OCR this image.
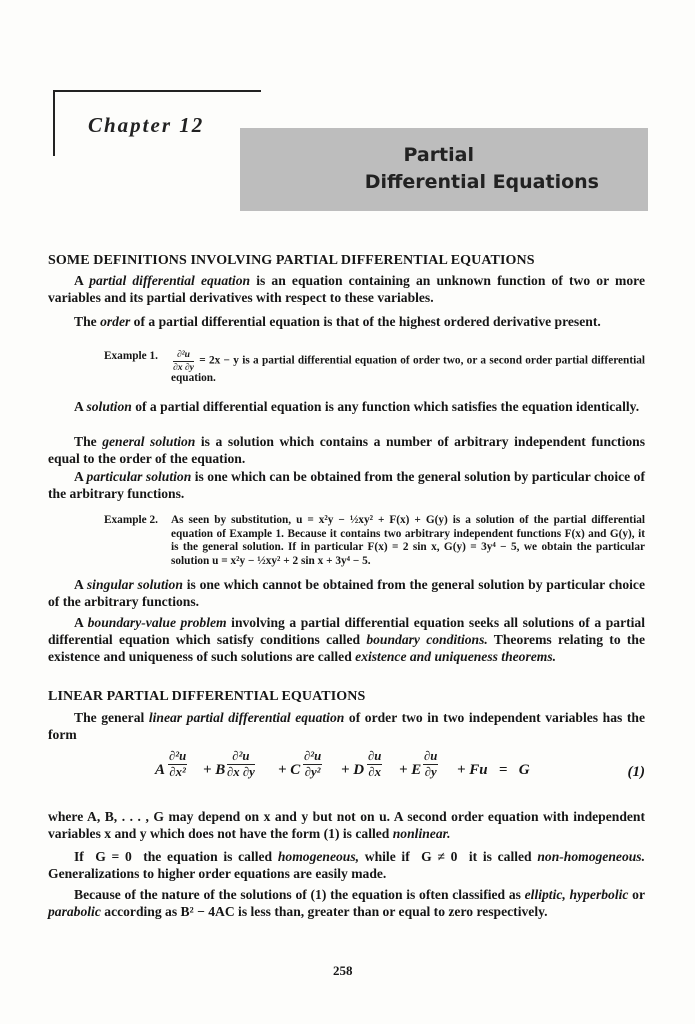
Chapter 12
Partial
Differential Equations
SOME DEFINITIONS INVOLVING PARTIAL DIFFERENTIAL EQUATIONS

A partial differential equation is an equation containing an unknown function of two or more variables and its partial derivatives with respect to these variables.

The order of a partial differential equation is that of the highest ordered derivative present.

Example 1. $\frac{\text{∂²u}}{\partial x \partial y} = 2x - y$ is a partial differential equation of order two, or a second order partial differential equation.

A solution of a partial differential equation is any function which satisfies the equation identically.

The general solution is a solution which contains a number of arbitrary independent functions equal to the order of the equation.

A particular solution is one which can be obtained from the general solution by particular choice of the arbitrary functions.

Example 2. As seen by substitution, u = x²y − ½xy² + F(x) + G(y) is a solution of the partial differential equation of Example 1. Because it contains two arbitrary independent functions F(x) and G(y), it is the general solution. If in particular F(x) = 2 sin x, G(y) = 3y⁴ − 5, we obtain the particular solution u = x²y − ½xy² + 2 sin x + 3y⁴ − 5.

A singular solution is one which cannot be obtained from the general solution by particular choice of the arbitrary functions.

A boundary-value problem involving a partial differential equation seeks all solutions of a partial differential equation which satisfy conditions called boundary conditions. Theorems relating to the existence and uniqueness of such solutions are called existence and uniqueness theorems.

LINEAR PARTIAL DIFFERENTIAL EQUATIONS

The general linear partial differential equation of order two in two independent variables has the form

A $\frac{\text{∂²u}}{\text{∂x²}} + B \frac{\text{∂²u}}{\partial x \partial y} + C \frac{\text{∂²u}}{\text{∂y²}} + D \frac{\partial u}{\partial x} + E \frac{\partial u}{\partial y} + Fu = G$	(1)

where A, B, . . . , G may depend on x and y but not on u. A second order equation with independent variables x and y which does not have the form (1) is called nonlinear.

If  G = 0  the equation is called homogeneous, while if  G ≠ 0  it is called non-homogeneous. Generalizations to higher order equations are easily made.

Because of the nature of the solutions of (1) the equation is often classified as elliptic, hyperbolic or parabolic according as B² − 4AC is less than, greater than or equal to zero respectively.

258
